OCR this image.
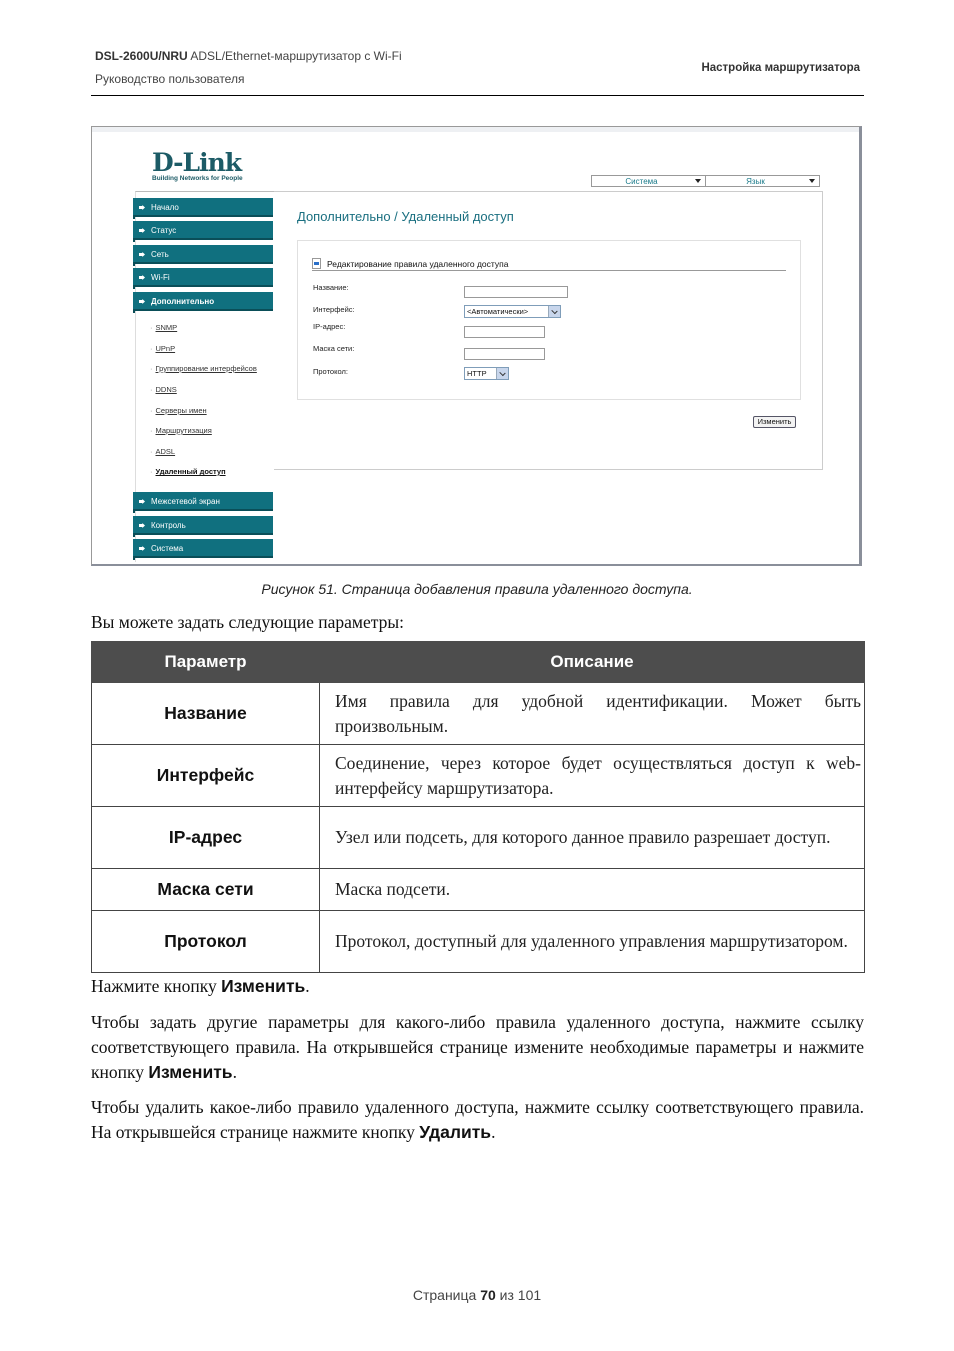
DSL-2600U/NRU ADSL/Ethernet-маршрутизатор с Wi-Fi
Руководство пользователя
Настройка маршрутизатора
D-Link
Building Networks for People	Система	Язык
Начало
Статус
Сеть
Wi-Fi
Дополнительно
· SNMP
· UPnP
· Группирование интерфейсов
· DDNS
· Серверы имен
· Маршрутизация
· ADSL
· Удаленный доступ
Межсетевой экран
Контроль
Система
Дополнительно / Удаленный доступ
Редактирование правила удаленного доступа
Название:
Интерфейс:	<Автоматически>
IP-адрес:
Маска сети:
Протокол:	HTTP
Изменить
Рисунок 51. Страница добавления правила удаленного доступа.
Вы можете задать следующие параметры:
Параметр	Описание
Название	Имя правила для удобной идентификации. Может быть произвольным.
Интерфейс	Соединение, через которое будет осуществляться доступ к web-интерфейсу маршрутизатора.
IP-адрес	Узел или подсеть, для которого данное правило разрешает доступ.
Маска сети	Маска подсети.
Протокол	Протокол, доступный для удаленного управления маршрутизатором.
Нажмите кнопку Изменить.
Чтобы задать другие параметры для какого-либо правила удаленного доступа, нажмите ссылку соответствующего правила. На открывшейся странице измените необходимые параметры и нажмите кнопку Изменить.
Чтобы удалить какое-либо правило удаленного доступа, нажмите ссылку соответствующего правила. На открывшейся странице нажмите кнопку Удалить.
Страница 70 из 101
